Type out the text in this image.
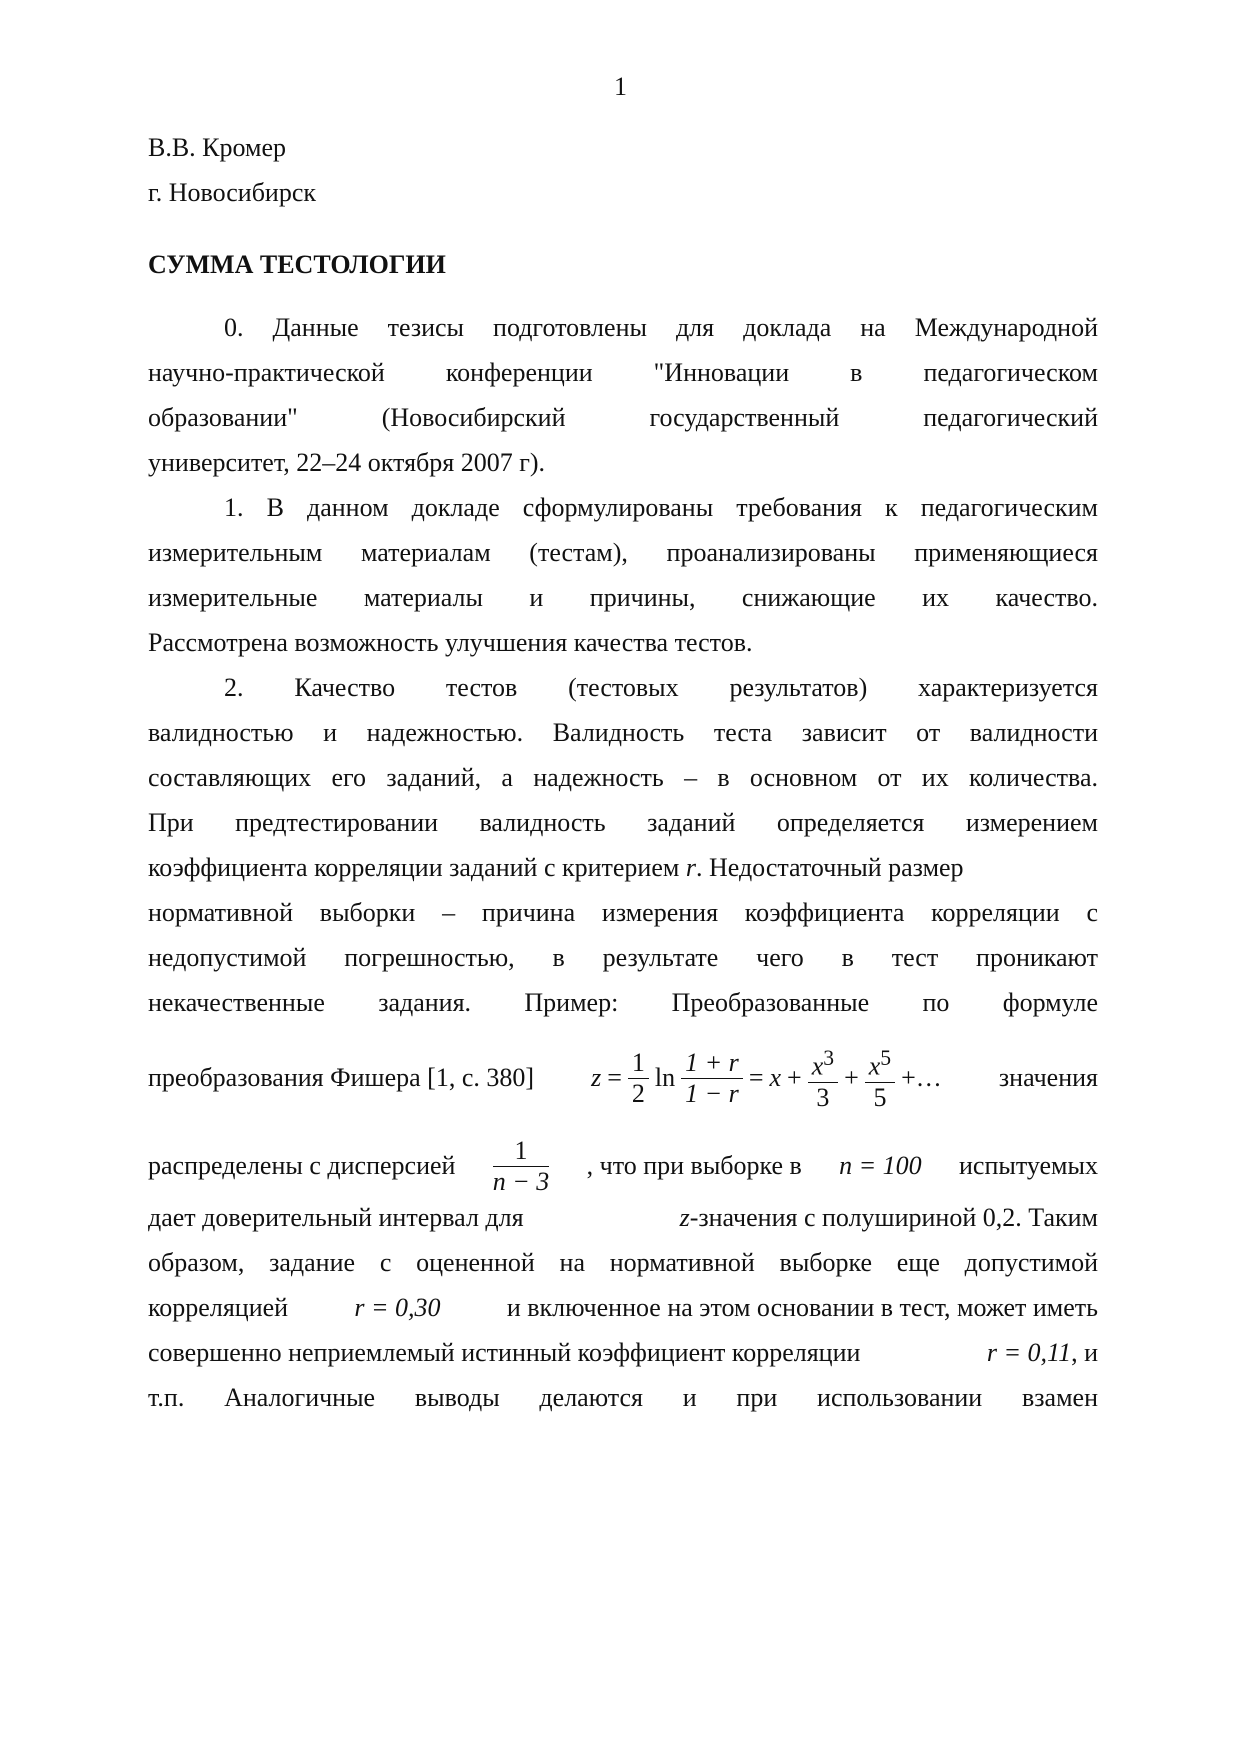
1
В.В. Кромер
г. Новосибирск
СУММА ТЕСТОЛОГИИ
0. Данные тезисы подготовлены для доклада на Международной
научно-практической конференции "Инновации в педагогическом
образовании" (Новосибирский государственный педагогический
университет, 22–24 октября 2007 г).
1. В данном докладе сформулированы требования к педагогическим
измерительным материалам (тестам), проанализированы применяющиеся
измерительные материалы и причины, снижающие их качество.
Рассмотрена возможность улучшения качества тестов.
2. Качество тестов (тестовых результатов) характеризуется
валидностью и надежностью. Валидность теста зависит от валидности
составляющих его заданий, а надежность – в основном от их количества.
При предтестировании валидность заданий определяется измерением
коэффициента корреляции заданий с критерием r. Недостаточный размер
нормативной выборки – причина измерения коэффициента корреляции с
недопустимой погрешностью, в результате чего в тест проникают
некачественные задания. Пример: Преобразованные по формуле
преобразования Фишера [1, с. 380] $z = \frac{1}{2}$ $\ln \frac{1 + r}{1 - r} = x + \frac{x^3}{3} + \frac{x^5}{5}$ +… значения
распределены с дисперсией $\frac{1}{n - 3}$ , что при выборке в n = 100 испытуемых
дает доверительный интервал для	z-значения с полушириной 0,2. Таким
образом, задание с оцененной на нормативной выборке еще допустимой
корреляцией	r = 0,30	и включенное на этом основании в тест, может иметь
совершенно неприемлемый истинный коэффициент корреляции	r = 0,11, и
т.п. Аналогичные выводы делаются и при использовании взамен
